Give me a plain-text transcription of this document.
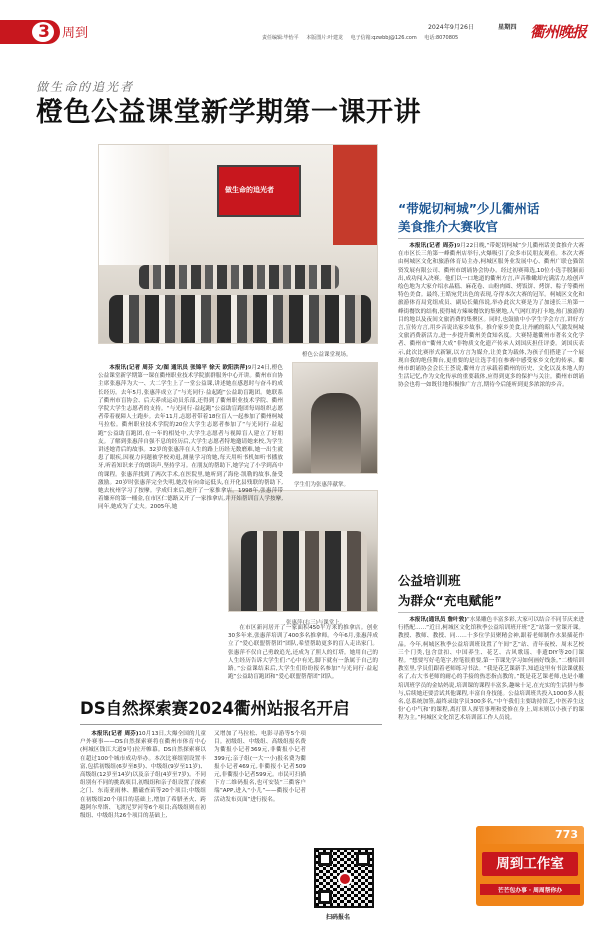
3 周到	2024年9月26日	星期四
责任编辑:毕怡平 本版图片:叶建龙 电子信箱:qzwbbj@126.com 电话:8070805	衢州晚报
做生命的追光者
橙色公益课堂新学期第一课开讲
做生命的追光者
橙色公益课堂现场。
学生们为张惠萍献掌。
张惠萍(右三)与课堂上。

本报讯(记者 周芬 文/图 通讯员 张锦平 徐天 欧阳洪萍)9月24日,橙色公益课堂新学期第一课在衢州职业技术学院旗群服务中心开讲。衢州市自协主席张惠萍为大一、大二学生上了一堂公益课,讲述她在感恩时与奋斗的成长经历。去年5月,张惠萍成立了“与光同行·益起跑”公益助盲跑团。她联系了衢州市盲协会、后天养成运动员乐部,还得到了衢州职业技术学院、衢州学院大学生志愿者的支持。“与光同行·益起跑”公益助盲跑团每周组织志愿者带着视障人士跑步。去年11月,志愿者带着18位盲人一起参加了衢州柯城马拉松。衢州职业技术学院的20位大学生志愿者参加了“与光同行·益起跑”公益助盲跑团,在一年的相处中,大学生志愿者与视障盲人建立了好朋友。了解到张惠萍自强不息的经历后,大学生志愿者特地邀请她来校,为学生讲述她背后的故事。32岁的张惠萍在人生的路上历经无数磨难,她一出生就患了眼疾,因视力问题被学校劝退,测量学习的她,每天用听书机如听书播放牙,听着知识来子的朗读声,坚持学习。在朋友的帮助下,她学完了小学到高中的课程。张惠萍找到了两次手术,在医院里,她听到了海伦·凯勒的故事,备受激励。20岁时张惠萍完全失明,她没有向命运低头,在开化县残联的帮助下,她去杭州学习了按摩。学成归来后,她开了一家推拿店。1998年,张惠萍带着嫌弃的第一桶金,在市区仁德路又开了一家推拿店,并开始帮训盲人学按摩,同年,她成为了丈夫。2005年,她

在市区新河居开了一家面积450平方米的推拿店。创业30多年来,张惠萍培训了400多名推拿师。今年6月,张惠萍成立了“爱心联盟帮帮团”团队,希望帮助更多的盲人走出家门。张惠萍不仅自己勇敢追光,还成为了照人的灯塔。她用自己的人生经历告诉大学生们:“心中有光,脚下就有一条属于自己的路。”公益课结束后,大学生们纷纷报名参加“与光同行·益起跑”公益助盲跑团和“爱心联盟帮帮团”团队。

DS自然探索赛2024衢州站报名开启

本报讯(记者 周芬)10月13日,大爆全国的儿童户外赛事——DS自然探索赛将在衢州市体育中心(柯城区钱江大道9号)拉开帷幕。DS自然探索赛以在超过100个城市成功举办。本次比赛组别设置丰富,包括初级组(6岁至8岁)、中级组(9岁至11岁)、高级组(12岁至14岁)以及亲子组(4岁至7岁)。不同组别有不同的挑战项目,初级组和亲子组设置了探索之门、东南亚雨林、鹏磁查苗等20个项目;中级组在初级组20个项目的基础上,增加了希腊圣火、跨越阿尔卑斯、飞渡尼罗河等6个项目;高级组则在初级组、中级组共26个项目的基础上,

又增加了马拉松、电影寻游等5个项目。初级组、中级组、高级组报名费为衢报小记者369元,非衢报小记者399元;亲子组(一大一小)报名费为衢报小记者469元,非衢报小记者509元,非衢报小记者599元。市民可扫描下方二维码报名,也可安装“三衢客户端”APP,进入“小儿”——衢报小记者活动发布页面”进行报名。

扫码报名
“带妮切柯城”少儿衢州话
美食推介大赛收官

本报讯(记者 周芬)9月22日晚,“带妮切柯城”少儿衢州话美食推介大赛在市区长三角第一峰衢州店举行,火爆吸引了众多市民朋友观看。本次大赛由柯城区文化和旅游体育局主办,柯城区服务业发展中心、衢州广联仓猫馆资发展有限公司、衢州市朗诵协会协办。经过初赛筛选,10位小选手脱颖而出,成功闯入决赛。他们以一口地道的衢州方言,声音稚嫩却充满活力,绘创声绘色地为大家介绍水晶糕、麻花卷、山粉肉圆、烤饭饼、烤饼、粽子等衢州特色美食。最终,王皓宛凭出色的表现,夺得本次大赛的冠军。柯城区文化和旅游体育局党组成员、副局长戴伟说,举办此次大赛是为了加速长三角第一峰街餐饮的结构,使得城方辣味餐饮的集聚地,人气网红的打卡地,热门旅游的目的地以及夜间文旅消费的集聚区。同时,也鼓励中小学生学会方言,讲好方言,宣传方言,用乡音说出家乡故事。推介家乡美食,让丹鹂的昭人气激发柯城文旅消费新活力,进一步提升衢州美食知名度。大赛特邀衢州市著名文化学者、衢州市“衢州大成”非物质文化遗产传承人刘国庆担任评委。刘国庆表示,此次比赛形式新颖,以方言为媒介,让美食为载体,为孩子们搭建了一个展现自我的绝佳舞台,更重要的是让选手们在参赛中感受家乡文化的传承。衢州市朗诵协会会长王荟说,衢州方言承载着衢州的历史、文化以及本地人的生活记忆,作为文化传承的重要载体,应得到更多的保护与关注。衢州市朗诵协会也将一如既往地积极推广方言,期待今后能听到更多浓浓的乡音。

公益培训班
为群众“充电赋能”

本报讯(通讯员 詹叶敦)“水果雕色丰富多彩,大家可以结合不同节庆来进行搭配……”近日,柯城区文化馆秋季公益培训班开班“艺”站第一堂课开课。教授、教师、教授、同……十多位学员聚精会神,跟着老师制作水果插花作品。今年,柯城区秋季公益培训班设置了午间“艺”站、青年夜校、周末艺校三个门类,包含盘扣、中国养生、花艺、古风歌谣、非遗DIY等20门课程。“想要写好毛笔字,控笔很重要,第一节课先学习如何画好线条。”二楼培训教室里,学员们跟着老师练习书法。“我是花艺课新手,知道这里有书法课就报名了,右大书老师的耐心的手接的热恋指点教的。”既是花艺课老师,也是小雕培训班学员的金姑妈说,培训课的课程丰富多,趣味十足,在充实的生活拼与参与,后续她还要尝试其他课程,丰富自身技能。公益培训班共投入1000多人报名,总系统加签,最终录取学员300多名,“中午我们主要助持馆艺,中医养生这份‘心中气和’的课程,离打算人探管事理和爱修在身上,周末则以小孩子的课程为主。”柯城区文化馆艺术培训部工作人员说。

773
周到工作室
芒芒包办事 · 周周帮你办
